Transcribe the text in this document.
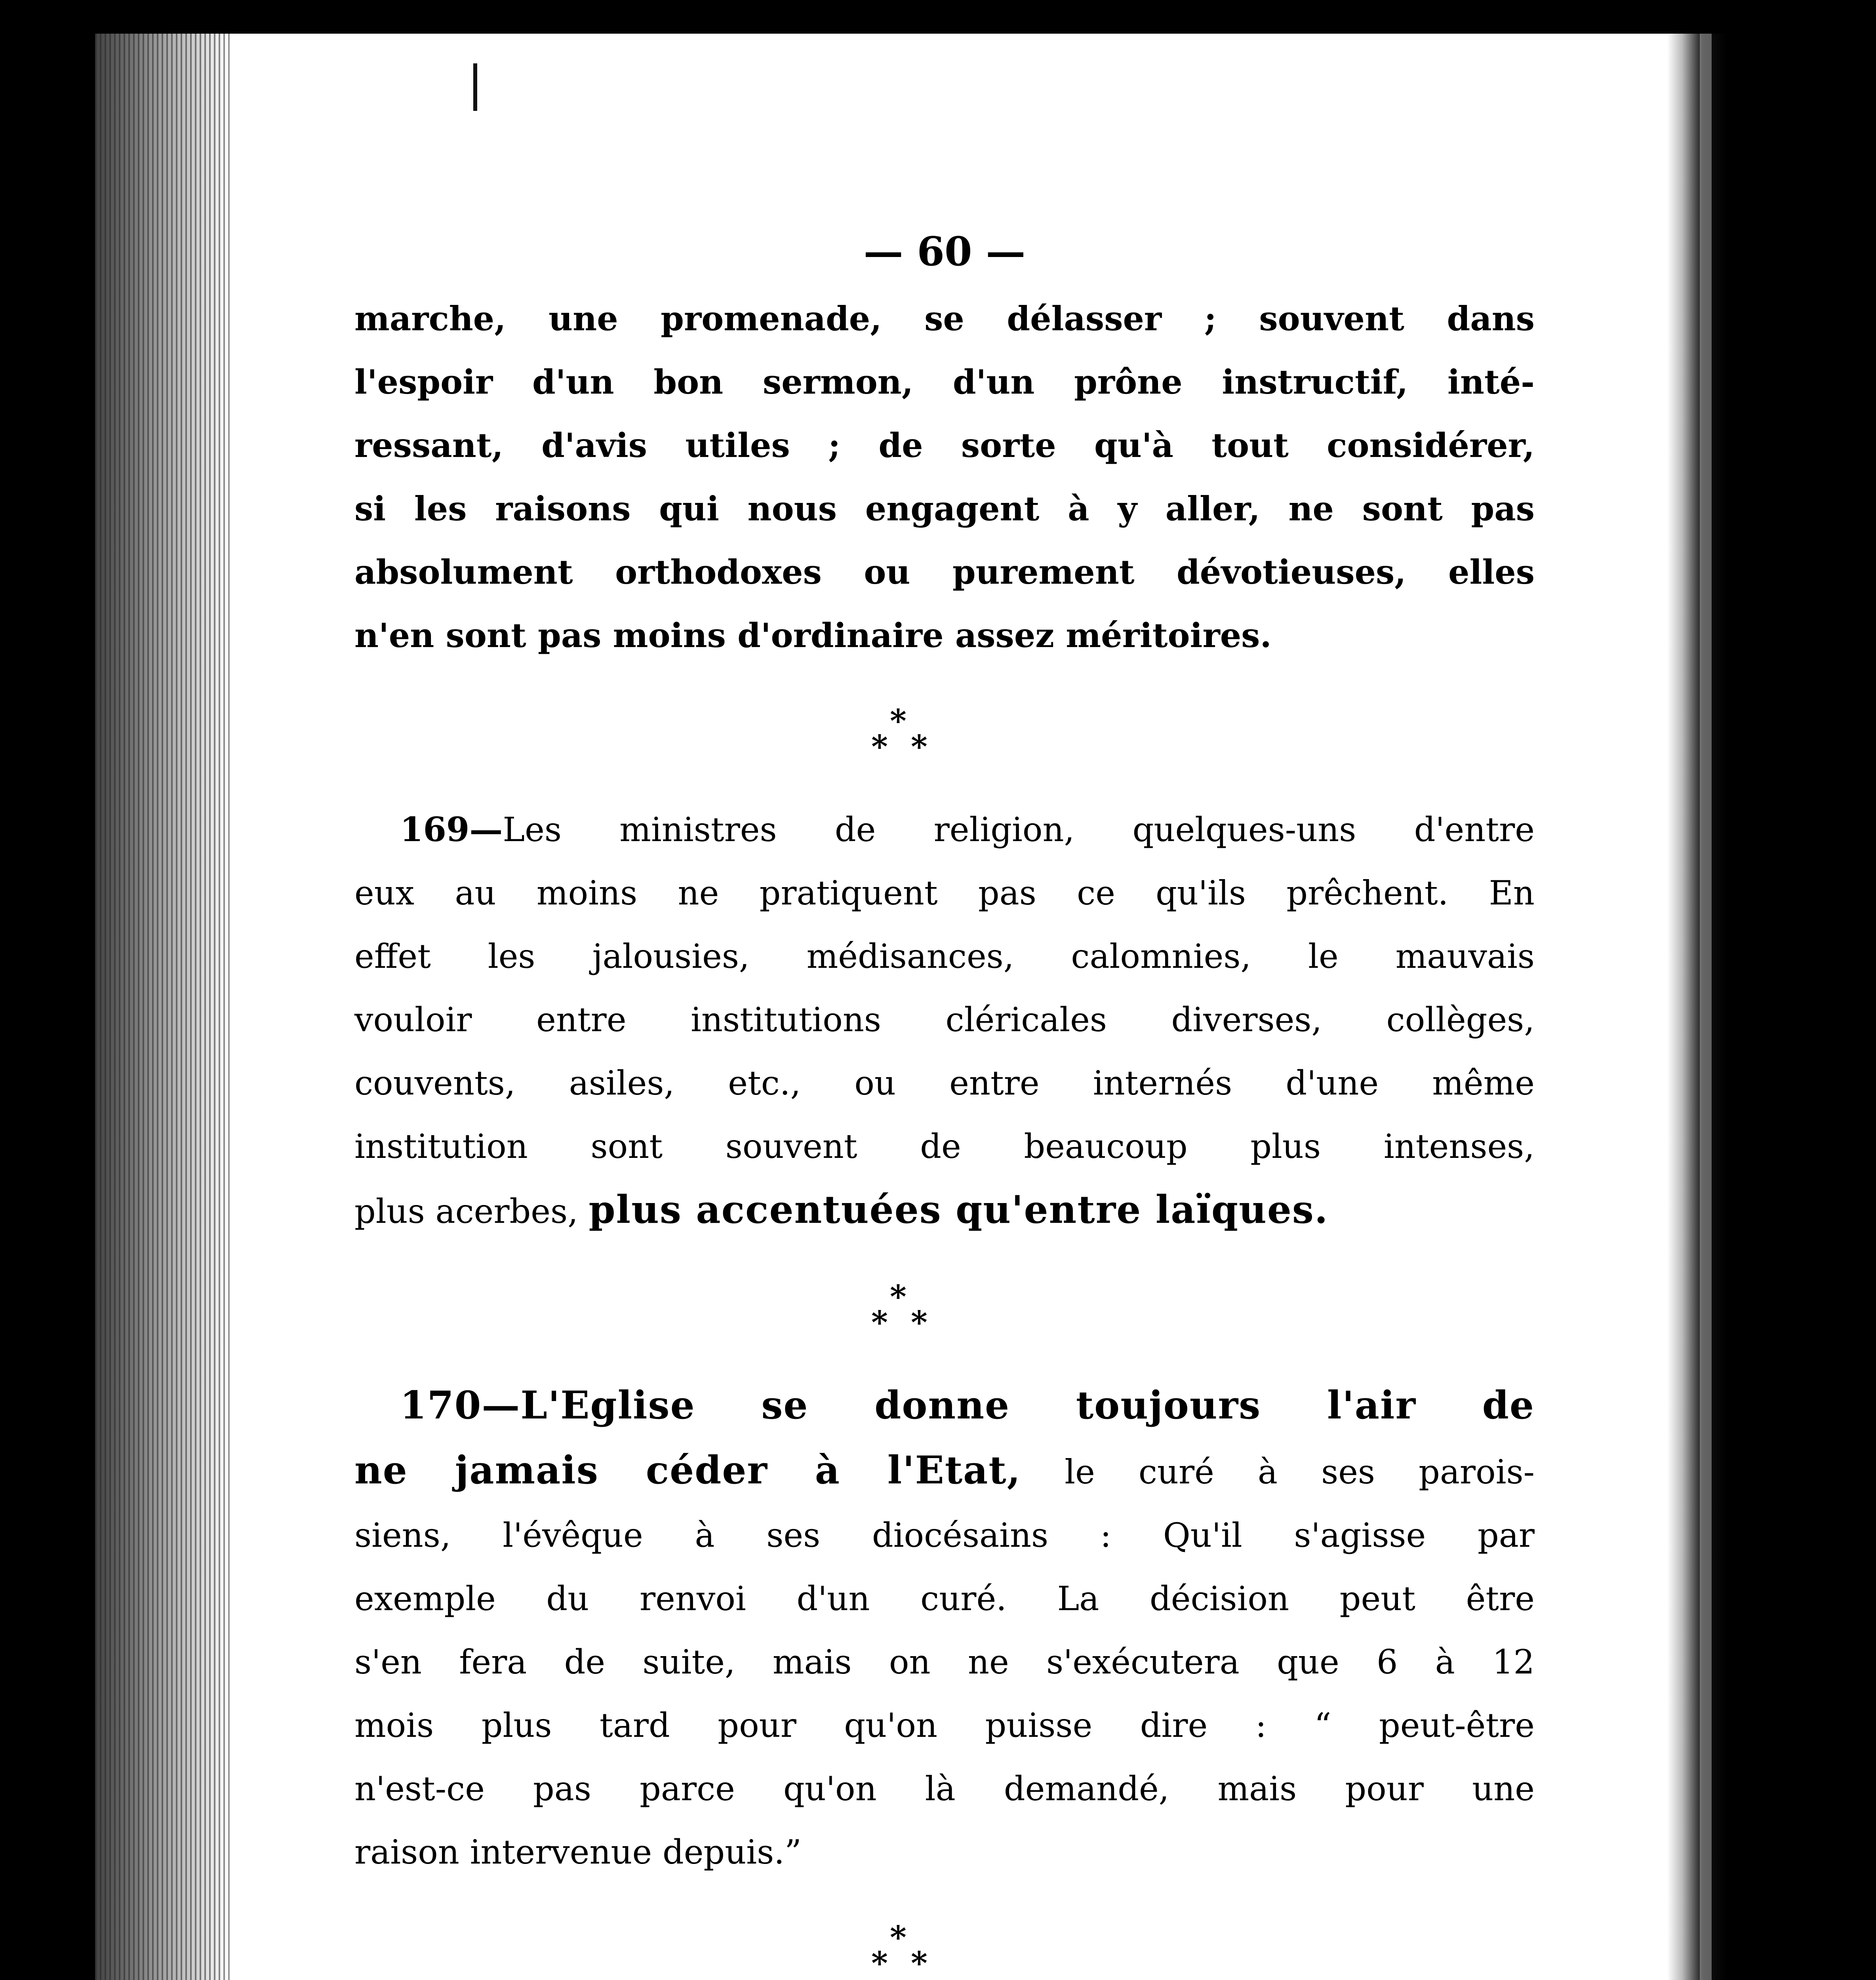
— 60 —
marche, une promenade, se délasser ; souvent dans
l'espoir d'un bon sermon, d'un prône instructif, inté-
ressant, d'avis utiles ; de sorte qu'à tout considérer,
si les raisons qui nous engagent à y aller, ne sont pas
absolument orthodoxes ou purement dévotieuses, elles
n'en sont pas moins d'ordinaire assez méritoires.
*
* *
169—Les ministres de religion, quelques-uns d'entre
eux au moins ne pratiquent pas ce qu'ils prêchent. En
effet les jalousies, médisances, calomnies, le mauvais
vouloir entre institutions cléricales diverses, collèges,
couvents, asiles, etc., ou entre internés d'une même
institution sont souvent de beaucoup plus intenses,
plus acerbes, plus accentuées qu'entre laïques.
*
* *
170—L'Eglise se donne toujours l'air de
ne jamais céder à l'Etat, le curé à ses parois-
siens, l'évêque à ses diocésains : Qu'il s'agisse par
exemple du renvoi d'un curé. La décision peut être
s'en fera de suite, mais on ne s'exécutera que 6 à 12
mois plus tard pour qu'on puisse dire : “ peut-être
n'est-ce pas parce qu'on là demandé, mais pour une
raison intervenue depuis.”
*
* *
